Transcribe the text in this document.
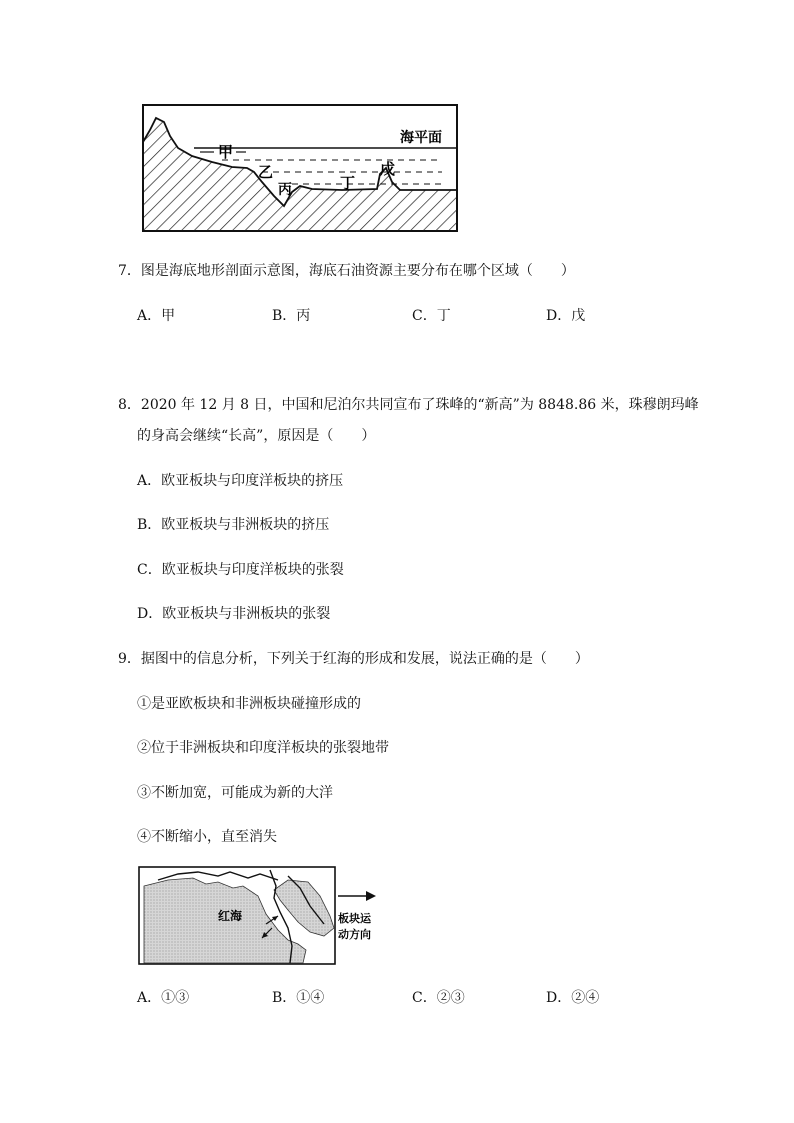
甲
乙
丙	丁
戊
海平面
7．图是海底地形剖面示意图，海底石油资源主要分布在哪个区域（　　）
A．甲	B．丙	C．丁	D．戊
8．2020 年 12 月 8 日，中国和尼泊尔共同宣布了珠峰的“新高”为 8848.86 米，珠穆朗玛峰
的身高会继续“长高”，原因是（　　）
A．欧亚板块与印度洋板块的挤压
B．欧亚板块与非洲板块的挤压
C．欧亚板块与印度洋板块的张裂
D．欧亚板块与非洲板块的张裂
9．据图中的信息分析，下列关于红海的形成和发展，说法正确的是（　　）
①是亚欧板块和非洲板块碰撞形成的
②位于非洲板块和印度洋板块的张裂地带
③不断加宽，可能成为新的大洋
④不断缩小，直至消失
红海	板块运
动方向
A．①③	B．①④	C．②③	D．②④
